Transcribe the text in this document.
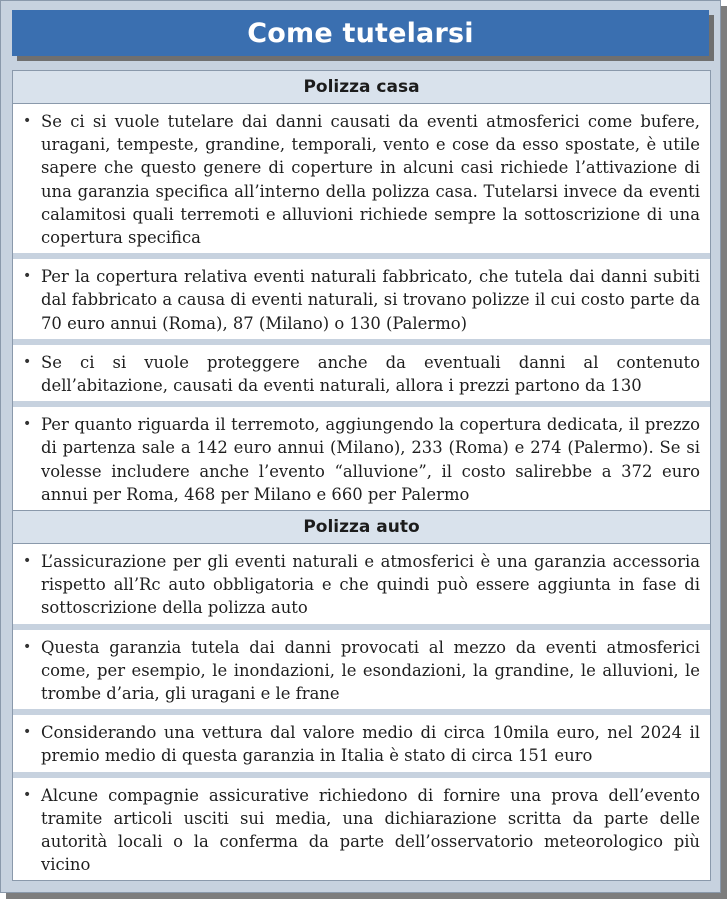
Come tutelarsi
Polizza casa
• Se ci si vuole tutelare dai danni causati da eventi atmosferici come bufere, uragani, tempeste, grandine, temporali, vento e cose da esso spostate, è utile sapere che questo genere di coperture in alcuni casi richiede l’attivazione di una garanzia specifica all’interno della polizza casa. Tutelarsi invece da eventi calamitosi quali terremoti e alluvioni richiede sempre la sottoscrizione di una copertura specifica
• Per la copertura relativa eventi naturali fabbricato, che tutela dai danni subiti dal fabbricato a causa di eventi naturali, si trovano polizze il cui costo parte da 70 euro annui (Roma), 87 (Milano) o 130 (Palermo)
• Se ci si vuole proteggere anche da eventuali danni al contenuto dell’abitazione, causati da eventi naturali, allora i prezzi partono da 130
• Per quanto riguarda il terremoto, aggiungendo la copertura dedicata, il prezzo di partenza sale a 142 euro annui (Milano), 233 (Roma) e 274 (Palermo). Se si volesse includere anche l’evento “alluvione”, il costo salirebbe a 372 euro annui per Roma, 468 per Milano e 660 per Palermo
Polizza auto
• L’assicurazione per gli eventi naturali e atmosferici è una garanzia accessoria rispetto all’Rc auto obbligatoria e che quindi può essere aggiunta in fase di sottoscrizione della polizza auto
• Questa garanzia tutela dai danni provocati al mezzo da eventi atmosferici come, per esempio, le inondazioni, le esondazioni, la grandine, le alluvioni, le trombe d’aria, gli uragani e le frane
• Considerando una vettura dal valore medio di circa 10mila euro, nel 2024 il premio medio di questa garanzia in Italia è stato di circa 151 euro
• Alcune compagnie assicurative richiedono di fornire una prova dell’evento tramite articoli usciti sui media, una dichiarazione scritta da parte delle autorità locali o la conferma da parte dell’osservatorio meteorologico più vicino
